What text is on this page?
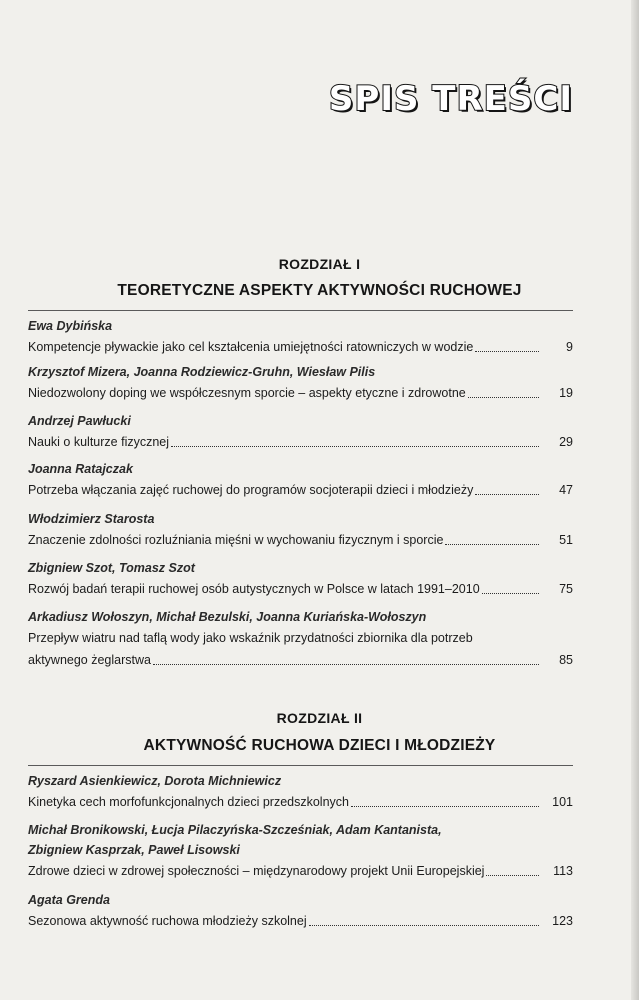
SPIS TREŚCI
ROZDZIAŁ I
TEORETYCZNE ASPEKTY AKTYWNOŚCI RUCHOWEJ
Ewa Dybińska
Kompetencje pływackie jako cel kształcenia umiejętności ratowniczych w wodzie	9
Krzysztof Mizera, Joanna Rodziewicz-Gruhn, Wiesław Pilis
Niedozwolony doping we współczesnym sporcie – aspekty etyczne i zdrowotne	19
Andrzej Pawłucki
Nauki o kulturze fizycznej	29
Joanna Ratajczak
Potrzeba włączania zajęć ruchowej do programów socjoterapii dzieci i młodzieży	47
Włodzimierz Starosta
Znaczenie zdolności rozluźniania mięśni w wychowaniu fizycznym i sporcie	51
Zbigniew Szot, Tomasz Szot
Rozwój badań terapii ruchowej osób autystycznych w Polsce w latach 1991–2010	75
Arkadiusz Wołoszyn, Michał Bezulski, Joanna Kuriańska-Wołoszyn
Przepływ wiatru nad taflą wody jako wskaźnik przydatności zbiornika dla potrzeb
aktywnego żeglarstwa	85
ROZDZIAŁ II
AKTYWNOŚĆ RUCHOWA DZIECI I MŁODZIEŻY
Ryszard Asienkiewicz, Dorota Michniewicz
Kinetyka cech morfofunkcjonalnych dzieci przedszkolnych	101
Michał Bronikowski, Łucja Pilaczyńska-Szcześniak, Adam Kantanista,
Zbigniew Kasprzak, Paweł Lisowski
Zdrowe dzieci w zdrowej społeczności – międzynarodowy projekt Unii Europejskiej	113
Agata Grenda
Sezonowa aktywność ruchowa młodzieży szkolnej	123
